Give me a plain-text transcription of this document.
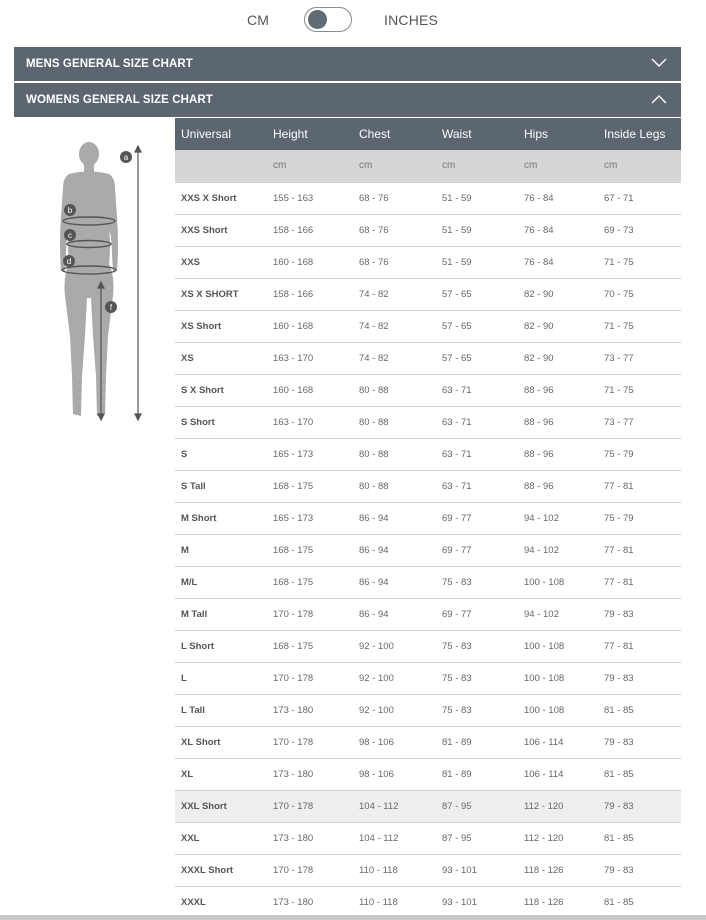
CM	INCHES
MENS GENERAL SIZE CHART
WOMENS GENERAL SIZE CHART
a
b
c
d
f
Universal	Height	Chest	Waist	Hips	Inside Legs
	cm	cm	cm	cm	cm
XXS X Short	155 - 163	68 - 76	51 - 59	76 - 84	67 - 71
XXS Short	158 - 166	68 - 76	51 - 59	76 - 84	69 - 73
XXS	160 - 168	68 - 76	51 - 59	76 - 84	71 - 75
XS X SHORT	158 - 166	74 - 82	57 - 65	82 - 90	70 - 75
XS Short	160 - 168	74 - 82	57 - 65	82 - 90	71 - 75
XS	163 - 170	74 - 82	57 - 65	82 - 90	73 - 77
S X Short	160 - 168	80 - 88	63 - 71	88 - 96	71 - 75
S Short	163 - 170	80 - 88	63 - 71	88 - 96	73 - 77
S	165 - 173	80 - 88	63 - 71	88 - 96	75 - 79
S Tall	168 - 175	80 - 88	63 - 71	88 - 96	77 - 81
M Short	165 - 173	86 - 94	69 - 77	94 - 102	75 - 79
M	168 - 175	86 - 94	69 - 77	94 - 102	77 - 81
M/L	168 - 175	86 - 94	75 - 83	100 - 108	77 - 81
M Tall	170 - 178	86 - 94	69 - 77	94 - 102	79 - 83
L Short	168 - 175	92 - 100	75 - 83	100 - 108	77 - 81
L	170 - 178	92 - 100	75 - 83	100 - 108	79 - 83
L Tall	173 - 180	92 - 100	75 - 83	100 - 108	81 - 85
XL Short	170 - 178	98 - 106	81 - 89	106 - 114	79 - 83
XL	173 - 180	98 - 106	81 - 89	106 - 114	81 - 85
XXL Short	170 - 178	104 - 112	87 - 95	112 - 120	79 - 83
XXL	173 - 180	104 - 112	87 - 95	112 - 120	81 - 85
XXXL Short	170 - 178	110 - 118	93 - 101	118 - 126	79 - 83
XXXL	173 - 180	110 - 118	93 - 101	118 - 126	81 - 85
